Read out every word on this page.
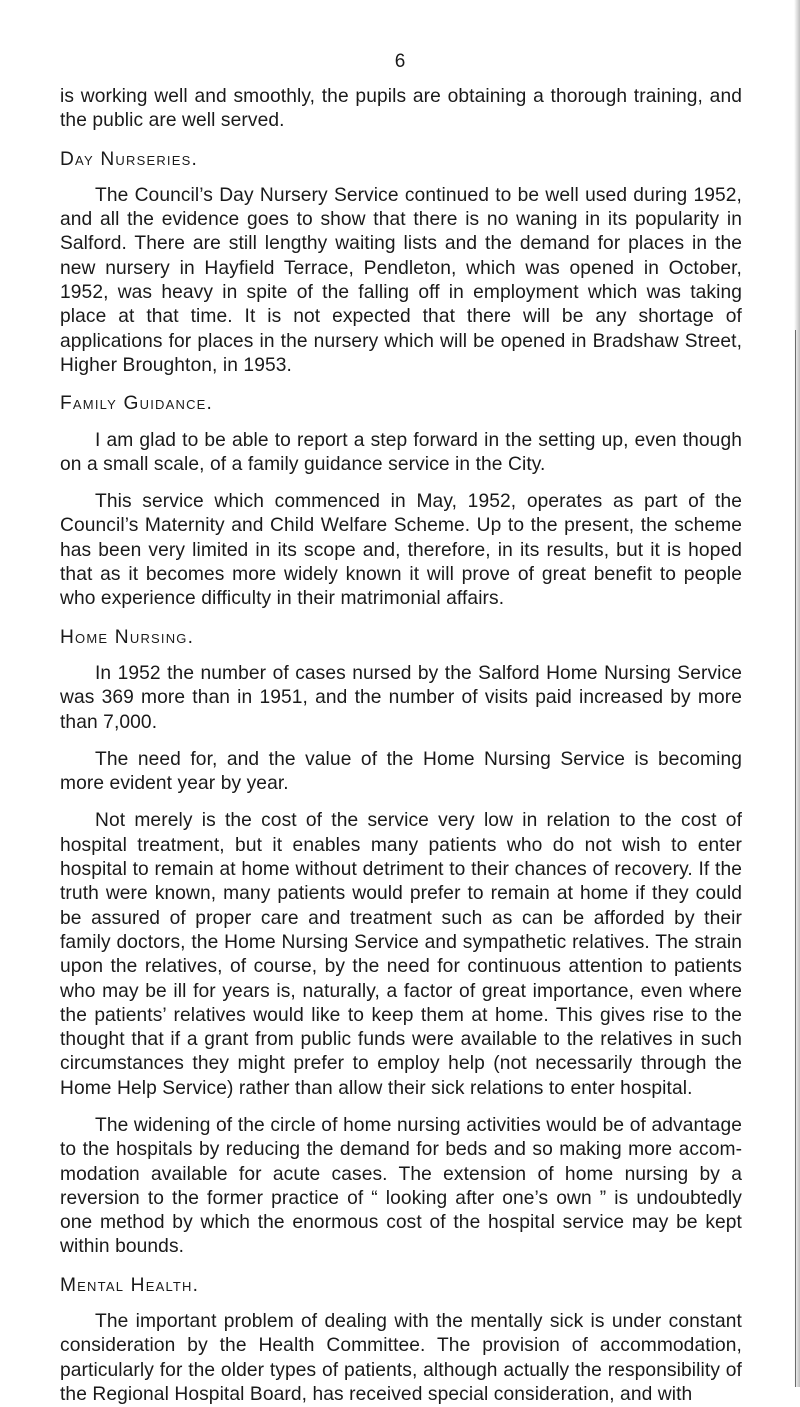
6

is working well and smoothly, the pupils are obtaining a thorough training, and the public are well served.

Day Nurseries.

The Council’s Day Nursery Service continued to be well used during 1952, and all the evidence goes to show that there is no waning in its popularity in Salford. There are still lengthy waiting lists and the demand for places in the new nursery in Hayfield Terrace, Pendleton, which was opened in October, 1952, was heavy in spite of the falling off in employment which was taking place at that time. It is not expected that there will be any shortage of applications for places in the nursery which will be opened in Bradshaw Street, Higher Broughton, in 1953.

Family Guidance.

I am glad to be able to report a step forward in the setting up, even though on a small scale, of a family guidance service in the City.

This service which commenced in May, 1952, operates as part of the Council’s Maternity and Child Welfare Scheme. Up to the present, the scheme has been very limited in its scope and, therefore, in its results, but it is hoped that as it becomes more widely known it will prove of great benefit to people who experience difficulty in their matrimonial affairs.

Home Nursing.

In 1952 the number of cases nursed by the Salford Home Nursing Service was 369 more than in 1951, and the number of visits paid increased by more than 7,000.

The need for, and the value of the Home Nursing Service is becoming more evident year by year.

Not merely is the cost of the service very low in relation to the cost of hospital treatment, but it enables many patients who do not wish to enter hospital to remain at home without detriment to their chances of recovery. If the truth were known, many patients would prefer to remain at home if they could be assured of proper care and treatment such as can be afforded by their family doctors, the Home Nursing Service and sympathetic relatives. The strain upon the relatives, of course, by the need for continuous attention to patients who may be ill for years is, naturally, a factor of great importance, even where the patients’ relatives would like to keep them at home. This gives rise to the thought that if a grant from public funds were available to the relatives in such circumstances they might prefer to employ help (not necessarily through the Home Help Service) rather than allow their sick relations to enter hospital.

The widening of the circle of home nursing activities would be of advantage to the hospitals by reducing the demand for beds and so making more accommodation available for acute cases. The extension of home nursing by a reversion to the former practice of “ looking after one’s own ” is undoubtedly one method by which the enormous cost of the hospital service may be kept within bounds.

Mental Health.

The important problem of dealing with the mentally sick is under constant consideration by the Health Committee. The provision of accommodation, particularly for the older types of patients, although actually the responsibility of the Regional Hospital Board, has received special consideration, and with
